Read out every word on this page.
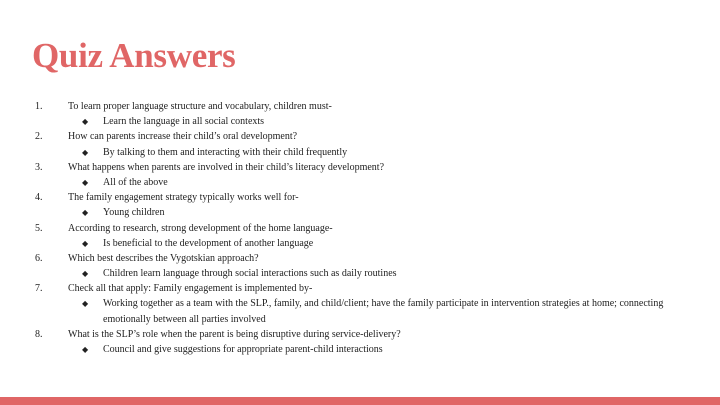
Quiz Answers
1.	To learn proper language structure and vocabulary, children must-
◆ Learn the language in all social contexts
2.	How can parents increase their child’s oral development?
◆ By talking to them and interacting with their child frequently
3.	What happens when parents are involved in their child’s literacy development?
◆ All of the above
4.	The family engagement strategy typically works well for-
◆ Young children
5.	According to research, strong development of the home language-
◆ Is beneficial to the development of another language
6.	Which best describes the Vygotskian approach?
◆ Children learn language through social interactions such as daily routines
7.	Check all that apply: Family engagement is implemented by-
◆ Working together as a team with the SLP., family, and child/client; have the family participate in intervention strategies at home; connecting emotionally between all parties involved
8.	What is the SLP’s role when the parent is being disruptive during service-delivery?
◆ Council and give suggestions for appropriate parent-child interactions
